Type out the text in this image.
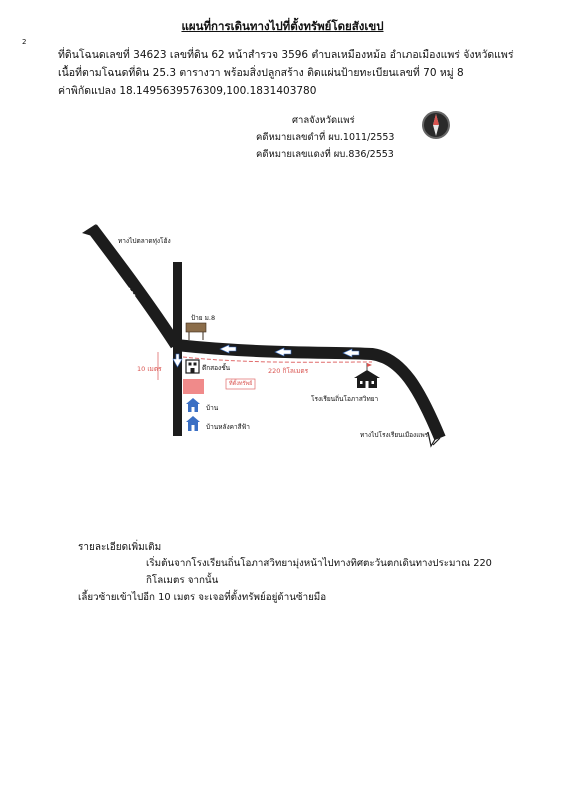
2
แผนที่การเดินทางไปที่ตั้งทรัพย์โดยสังเขป
ที่ดินโฉนดเลขที่ 34623 เลขที่ดิน 62 หน้าสำรวจ 3596 ตำบลเหมืองหม้อ อำเภอเมืองแพร่ จังหวัดแพร่
เนื้อที่ตามโฉนดที่ดิน 25.3 ตารางวา พร้อมสิ่งปลูกสร้าง ติดแผ่นป้ายทะเบียนเลขที่ 70 หมู่ 8
ค่าพิกัดแปลง 18.1495639576309,100.1831403780
ศาลจังหวัดแพร่
คดีหมายเลขดำที่ ผบ.1011/2553
คดีหมายเลขแดงที่ ผบ.836/2553
ถนน 101
ทางไปตลาดทุ่งโฮ้ง
ป้าย ม.8
ตึกสองชั้น
10 เมตร
ที่ตั้งทรัพย์
220 กิโลเมตร
บ้าน
บ้านหลังคาสีฟ้า
โรงเรียนถิ่นโอภาสวิทยา
ทางไปโรงเรียนเมืองแพร่
รายละเอียดเพิ่มเติม
เริ่มต้นจากโรงเรียนถิ่นโอภาสวิทยามุ่งหน้าไปทางทิศตะวันตกเดินทางประมาณ 220 กิโลเมตร จากนั้น
เลี้ยวซ้ายเข้าไปอีก 10 เมตร จะเจอที่ตั้งทรัพย์อยู่ด้านซ้ายมือ
